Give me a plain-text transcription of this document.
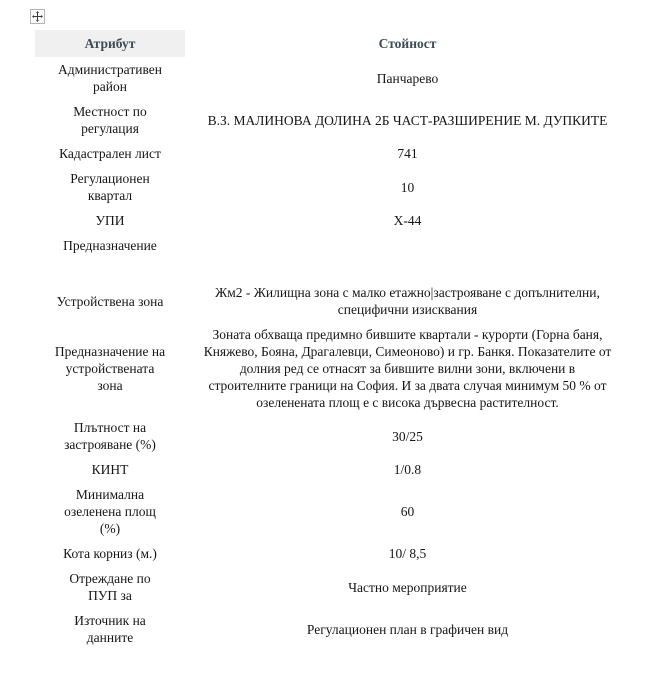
Атрибут	Стойност
Административен район	Панчарево
Местност по регулация	В.З. МАЛИНОВА ДОЛИНА 2Б ЧАСТ-РАЗШИРЕНИЕ М. ДУПКИТЕ
Кадастрален лист	741
Регулационен квартал	10
УПИ	X-44
Предназначение	
Устройствена зона	Жм2 - Жилищна зона с малко етажно|застрояване с допълнителни, специфични изисквания
Предназначение на устройствената зона	Зоната обхваща предимно бившите квартали - курорти (Горна баня, Княжево, Бояна, Драгалевци, Симеоново) и гр. Банкя. Показателите от долния ред се отнасят за бившите вилни зони, включени в строителните граници на София. И за двата случая минимум 50 % от озеленената площ е с висока дървесна растителност.
Плътност на застрояване (%)	30/25
КИНТ	1/0.8
Минимална озеленена площ (%)	60
Кота корниз (м.)	10/ 8,5
Отреждане по ПУП за	Частно мероприятие
Източник на данните	Регулационен план в графичен вид
